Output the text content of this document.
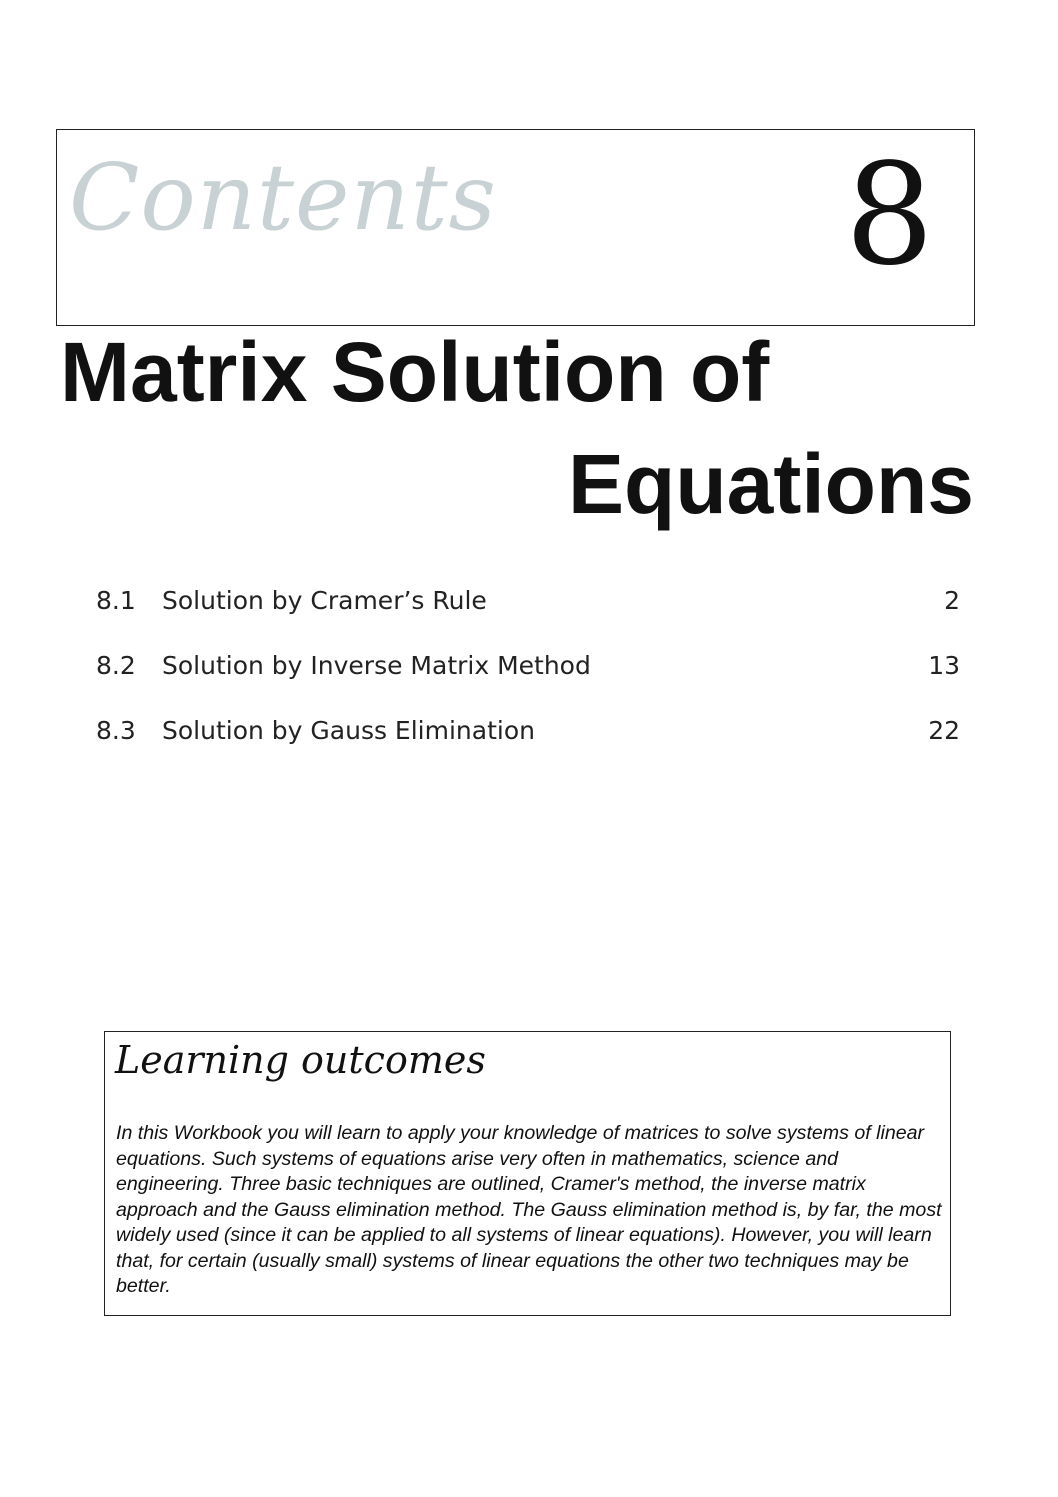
Contents 8
Matrix Solution of
Equations
8.1 Solution by Cramer’s Rule	2
8.2 Solution by Inverse Matrix Method	13
8.3 Solution by Gauss Elimination	22
Learning outcomes
In this Workbook you will learn to apply your knowledge of matrices to solve systems of linear equations. Such systems of equations arise very often in mathematics, science and engineering. Three basic techniques are outlined, Cramer's method, the inverse matrix approach and the Gauss elimination method. The Gauss elimination method is, by far, the most widely used (since it can be applied to all systems of linear equations). However, you will learn that, for certain (usually small) systems of linear equations the other two techniques may be better.
